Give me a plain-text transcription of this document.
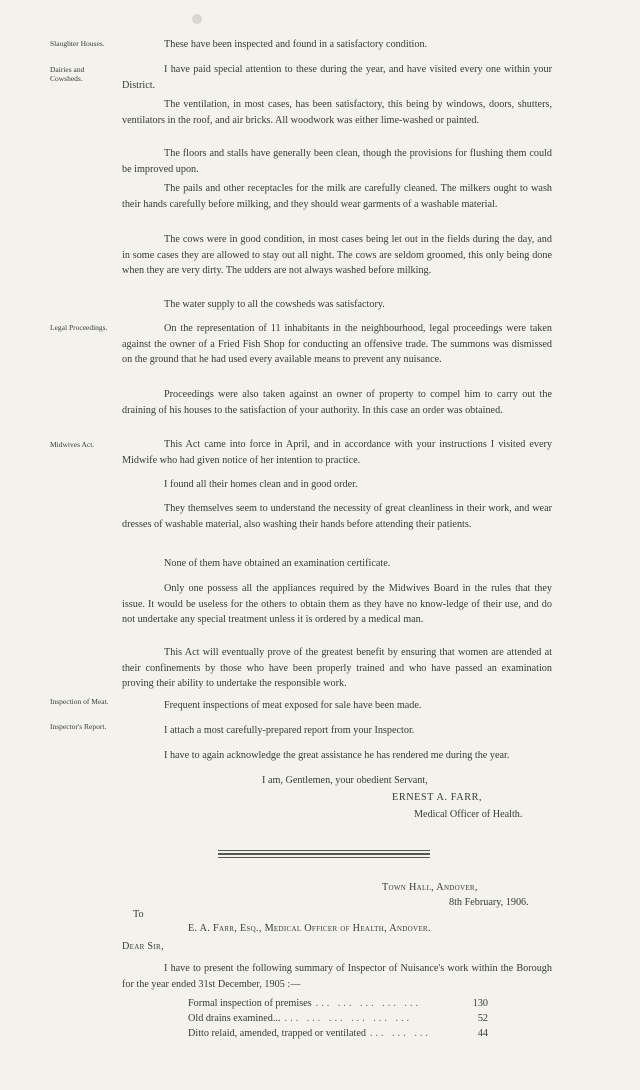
Slaughter Houses.
Dairies and Cowsheds.
Legal Proceedings.
Midwives Act.
Inspection of Meat.
Inspector's Report.

These have been inspected and found in a satisfactory condition.

I have paid special attention to these during the year, and have visited every one within your District.

The ventilation, in most cases, has been satisfactory, this being by windows, doors, shutters, ventilators in the roof, and air bricks. All woodwork was either lime-washed or painted.

The floors and stalls have generally been clean, though the provisions for flushing them could be improved upon.

The pails and other receptacles for the milk are carefully cleaned. The milkers ought to wash their hands carefully before milking, and they should wear garments of a washable material.

The cows were in good condition, in most cases being let out in the fields during the day, and in some cases they are allowed to stay out all night. The cows are seldom groomed, this only being done when they are very dirty. The udders are not always washed before milking.

The water supply to all the cowsheds was satisfactory.

On the representation of 11 inhabitants in the neighbourhood, legal proceedings were taken against the owner of a Fried Fish Shop for conducting an offensive trade. The summons was dismissed on the ground that he had used every available means to prevent any nuisance.

Proceedings were also taken against an owner of property to compel him to carry out the draining of his houses to the satisfaction of your authority. In this case an order was obtained.

This Act came into force in April, and in accordance with your instructions I visited every Midwife who had given notice of her intention to practice.

I found all their homes clean and in good order.

They themselves seem to understand the necessity of great cleanliness in their work, and wear dresses of washable material, also washing their hands before attending their patients.

None of them have obtained an examination certificate.

Only one possess all the appliances required by the Midwives Board in the rules that they issue. It would be useless for the others to obtain them as they have no know-ledge of their use, and do not undertake any special treatment unless it is ordered by a medical man.

This Act will eventually prove of the greatest benefit by ensuring that women are attended at their confinements by those who have been properly trained and who have passed an examination proving their ability to undertake the responsible work.

Frequent inspections of meat exposed for sale have been made.

I attach a most carefully-prepared report from your Inspector.

I have to again acknowledge the great assistance he has rendered me during the year.

I am, Gentlemen, your obedient Servant,
ERNEST A. FARR,
Medical Officer of Health.
Town Hall, Andover,
8th February, 1906.
To
E. A. Farr, Esq., Medical Officer of Health, Andover.
Dear Sir,

I have to present the following summary of Inspector of Nuisance's work within the Borough for the year ended 31st December, 1905 :—

Formal inspection of premises ... ... ... ... ...	130
Old drains examined... ... ... ... ... ... ...	52
Ditto relaid, amended, trapped or ventilated ... ... ...	44
